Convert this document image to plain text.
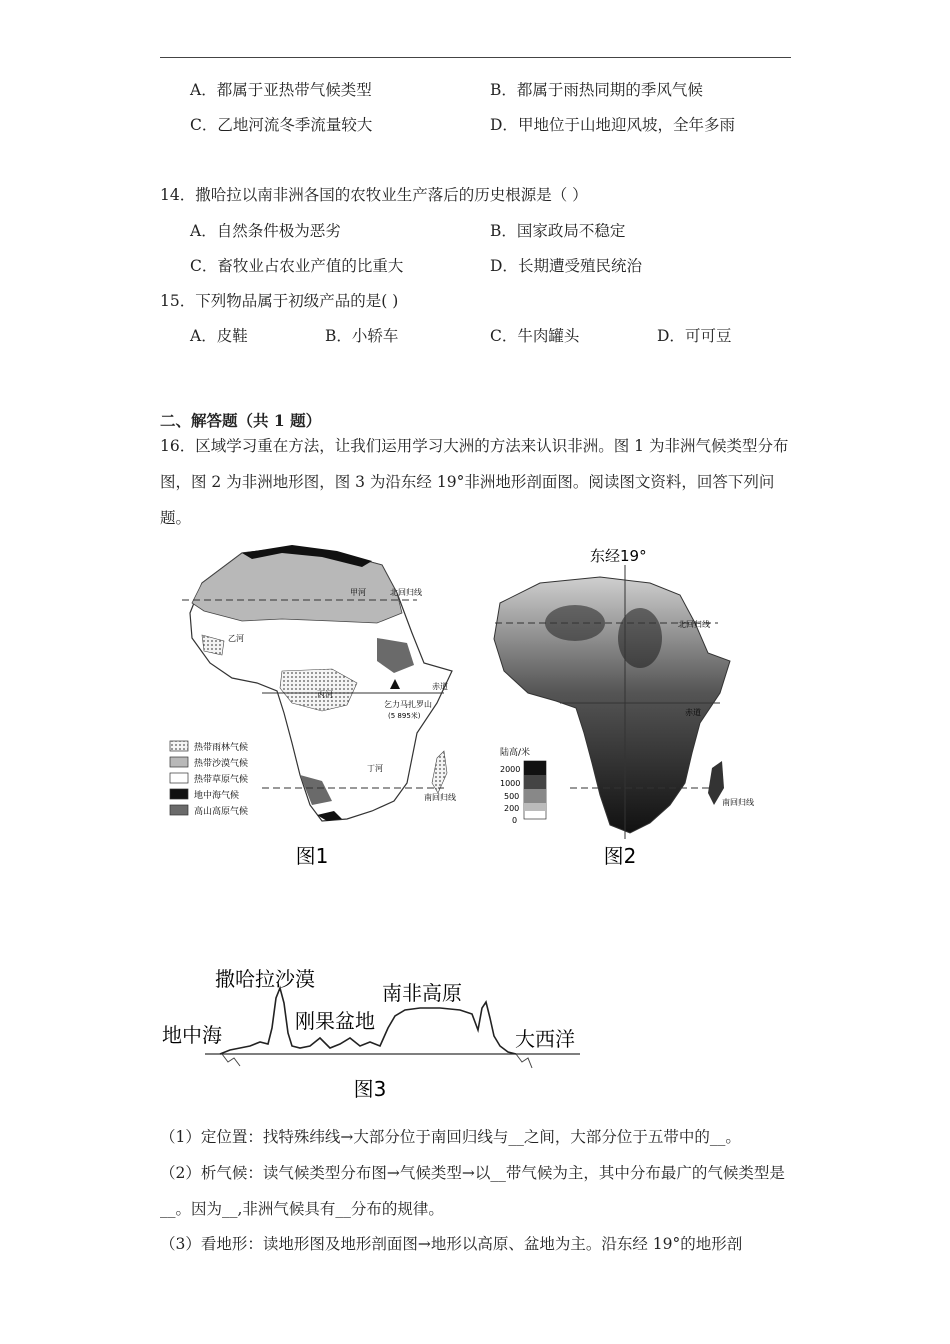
A．都属于亚热带气候类型	B．都属于雨热同期的季风气候
C．乙地河流冬季流量较大	D．甲地位于山地迎风坡，全年多雨
14．撒哈拉以南非洲各国的农牧业生产落后的历史根源是（ ）
A．自然条件极为恶劣	B．国家政局不稳定
C．畜牧业占农业产值的比重大	D．长期遭受殖民统治
15．下列物品属于初级产品的是( )
A．皮鞋	B．小轿车	C．牛肉罐头	D．可可豆
二、解答题（共 1 题）
16．区域学习重在方法，让我们运用学习大洲的方法来认识非洲。图 1 为非洲气候类型分布图，图 2 为非洲地形图，图 3 为沿东经 19°非洲地形剖面图。阅读图文资料，回答下列问题。
甲河
乙河
丙河
丁河
北回归线
赤道
南回归线
乞力马扎罗山
(5 895米)
热带雨林气候
热带沙漠气候
热带草原气候
地中海气候
高山高原气候
图1
东经19°
北回归线
赤道
南回归线
陆高/米
2000
1000
500
200
0
图2
撒哈拉沙漠
南非高原
刚果盆地
地中海	大西洋
图3
（1）定位置：找特殊纬线→大部分位于南回归线与__之间，大部分位于五带中的__。
（2）析气候：读气候类型分布图→气候类型→以__带气候为主，其中分布最广的气候类型是__。因为__,非洲气候具有__分布的规律。
（3）看地形：读地形图及地形剖面图→地形以高原、盆地为主。沿东经 19°的地形剖
